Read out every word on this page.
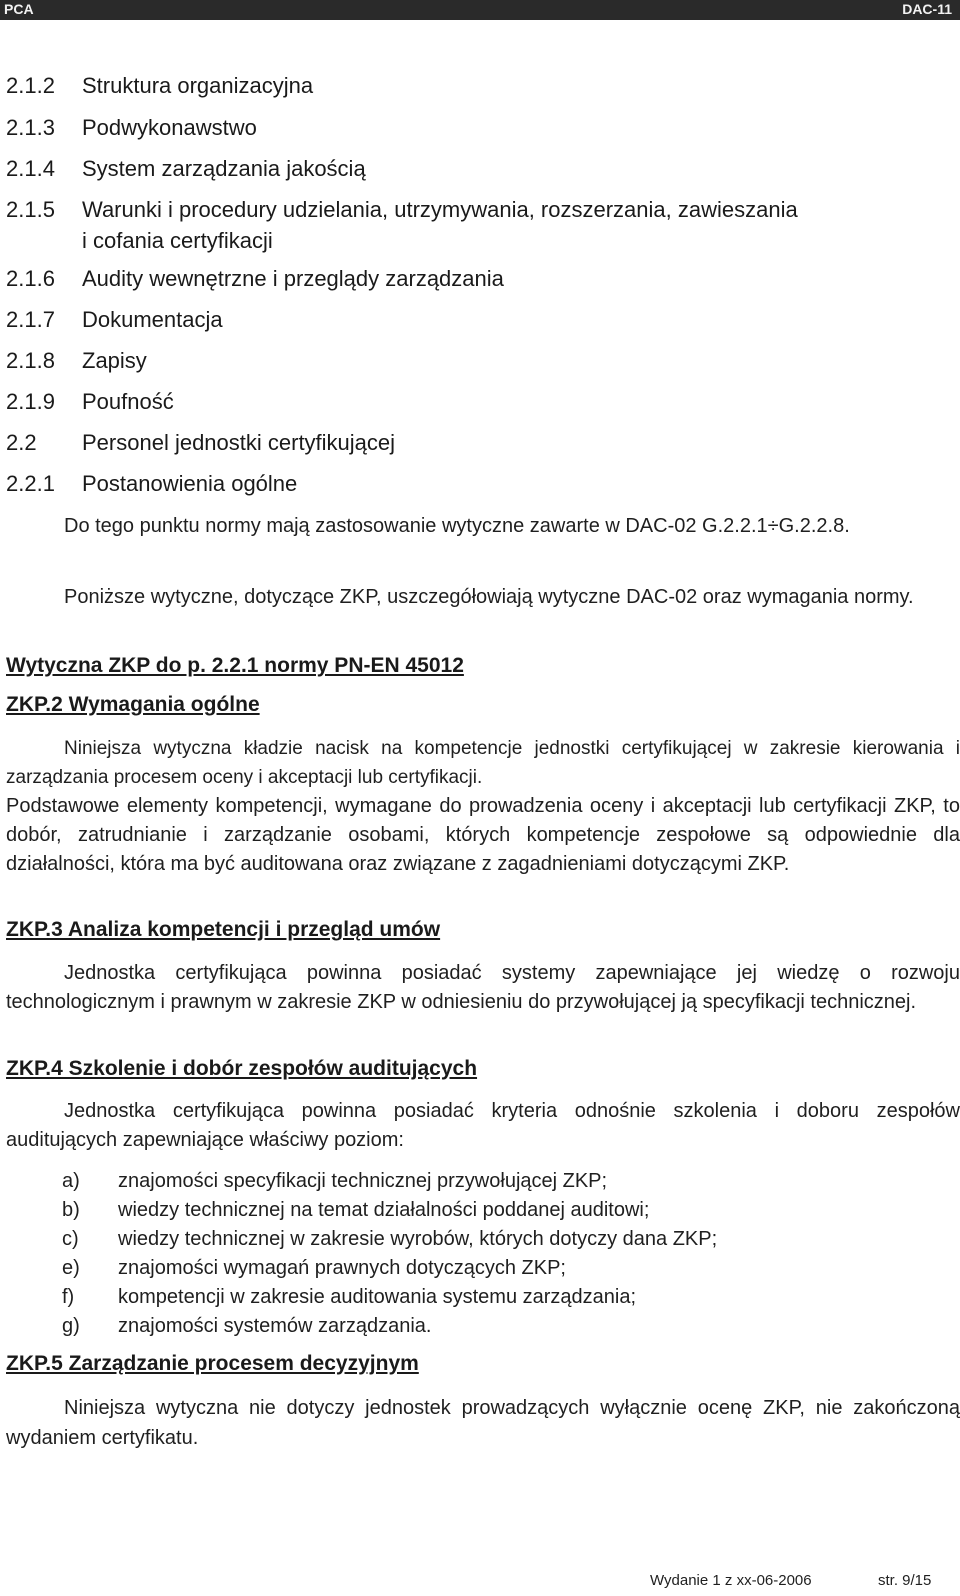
PCA	DAC-11
2.1.2 Struktura organizacyjna
2.1.3 Podwykonawstwo
2.1.4 System zarządzania jakością
2.1.5 Warunki i procedury udzielania, utrzymywania, rozszerzania, zawieszania
i cofania certyfikacji
2.1.6 Audity wewnętrzne i przeglądy zarządzania
2.1.7 Dokumentacja
2.1.8 Zapisy
2.1.9 Poufność
2.2 Personel jednostki certyfikującej
2.2.1 Postanowienia ogólne

Do tego punktu normy mają zastosowanie wytyczne zawarte w DAC-02 G.2.2.1÷G.2.2.8.

Poniższe wytyczne, dotyczące ZKP, uszczegółowiają wytyczne DAC-02 oraz wymagania normy.

Wytyczna ZKP do p. 2.2.1 normy PN-EN 45012
ZKP.2 Wymagania ogólne

Niniejsza wytyczna kładzie nacisk na kompetencje jednostki certyfikującej w zakresie kierowania i zarządzania procesem oceny i akceptacji lub certyfikacji.

Podstawowe elementy kompetencji, wymagane do prowadzenia oceny i akceptacji lub certyfikacji ZKP, to dobór, zatrudnianie i zarządzanie osobami, których kompetencje zespołowe są odpowiednie dla działalności, która ma być auditowana oraz związane z zagadnieniami dotyczącymi ZKP.

ZKP.3 Analiza kompetencji i przegląd umów

Jednostka certyfikująca powinna posiadać systemy zapewniające jej wiedzę o rozwoju technologicznym i prawnym w zakresie ZKP w odniesieniu do przywołującej ją specyfikacji technicznej.

ZKP.4 Szkolenie i dobór zespołów auditujących

Jednostka certyfikująca powinna posiadać kryteria odnośnie szkolenia i doboru zespołów auditujących zapewniające właściwy poziom:

a) znajomości specyfikacji technicznej przywołującej ZKP;
b) wiedzy technicznej na temat działalności poddanej auditowi;
c) wiedzy technicznej w zakresie wyrobów, których dotyczy dana ZKP;
e) znajomości wymagań prawnych dotyczących ZKP;
f) kompetencji w zakresie auditowania systemu zarządzania;
g) znajomości systemów zarządzania.
ZKP.5 Zarządzanie procesem decyzyjnym

Niniejsza wytyczna nie dotyczy jednostek prowadzących wyłącznie ocenę ZKP, nie zakończoną wydaniem certyfikatu.

Wydanie 1 z xx-06-2006	str. 9/15
